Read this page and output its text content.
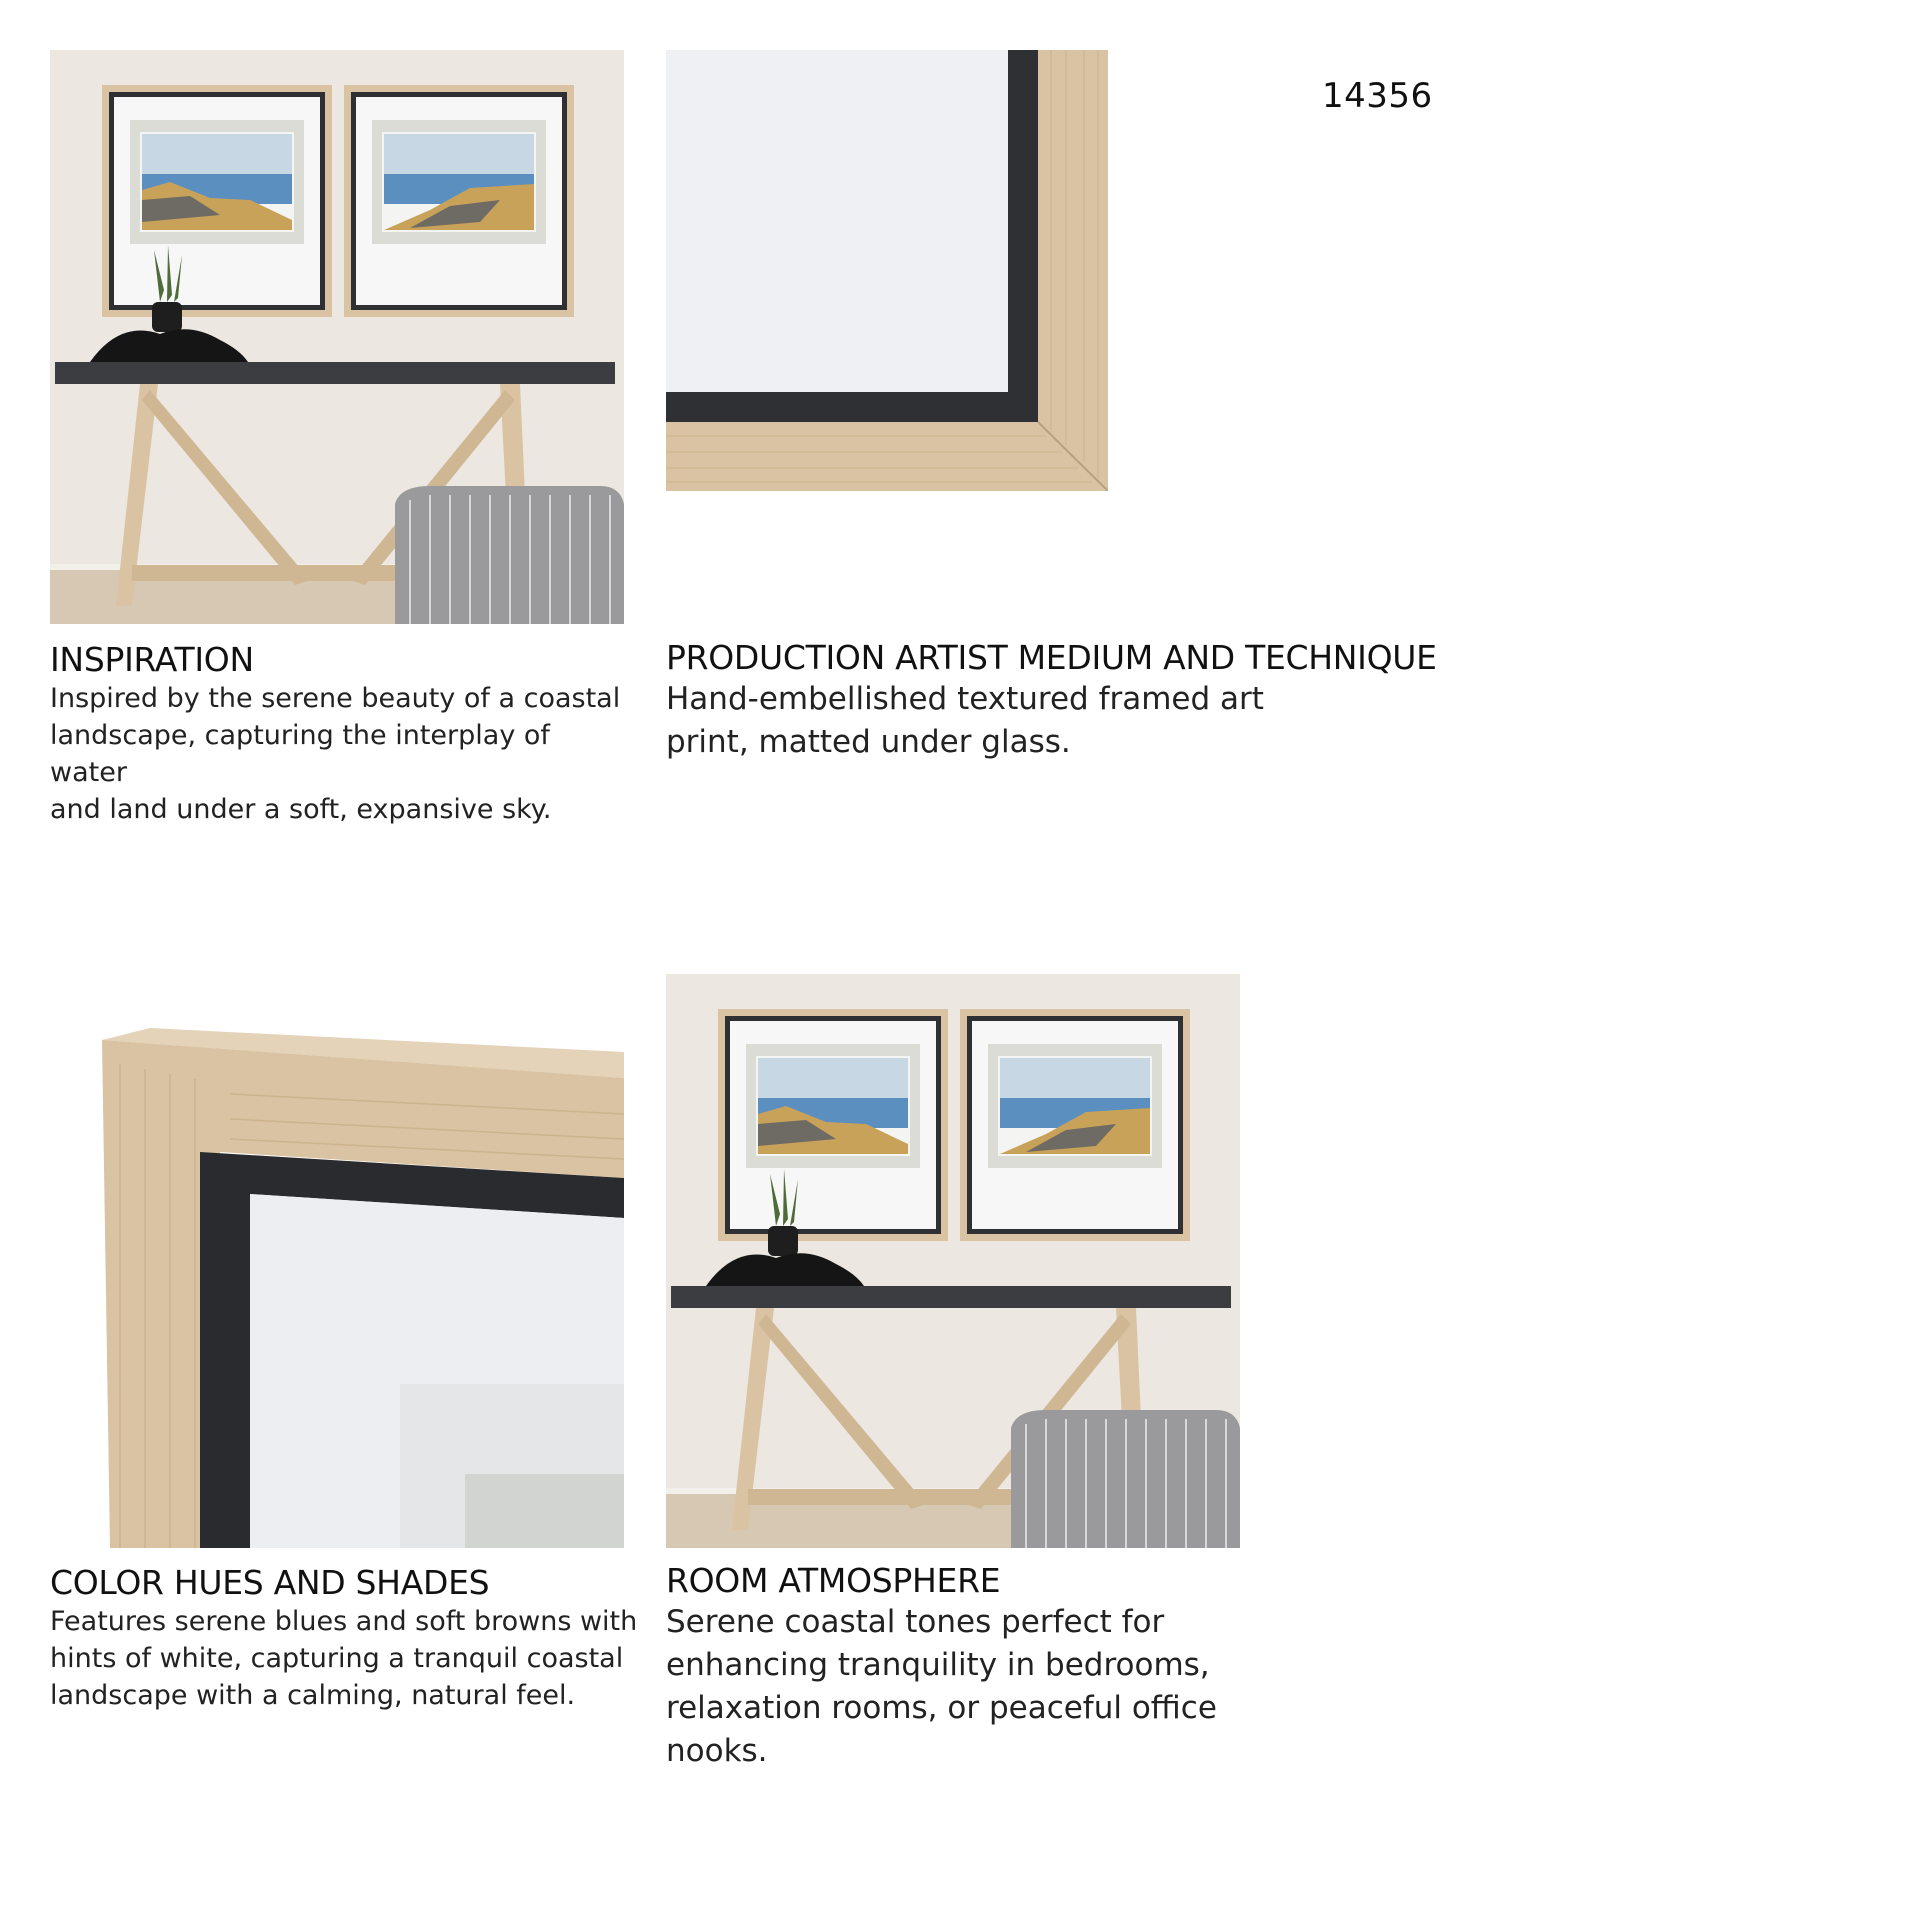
14356
INSPIRATION
Inspired by the serene beauty of a coastal
landscape, capturing the interplay of water
and land under a soft, expansive sky.
PRODUCTION ARTIST MEDIUM AND TECHNIQUE
Hand-embellished textured framed art
print, matted under glass.
COLOR HUES AND SHADES
Features serene blues and soft browns with
hints of white, capturing a tranquil coastal
landscape with a calming, natural feel.
ROOM ATMOSPHERE
Serene coastal tones perfect for
enhancing tranquility in bedrooms,
relaxation rooms, or peaceful office
nooks.
